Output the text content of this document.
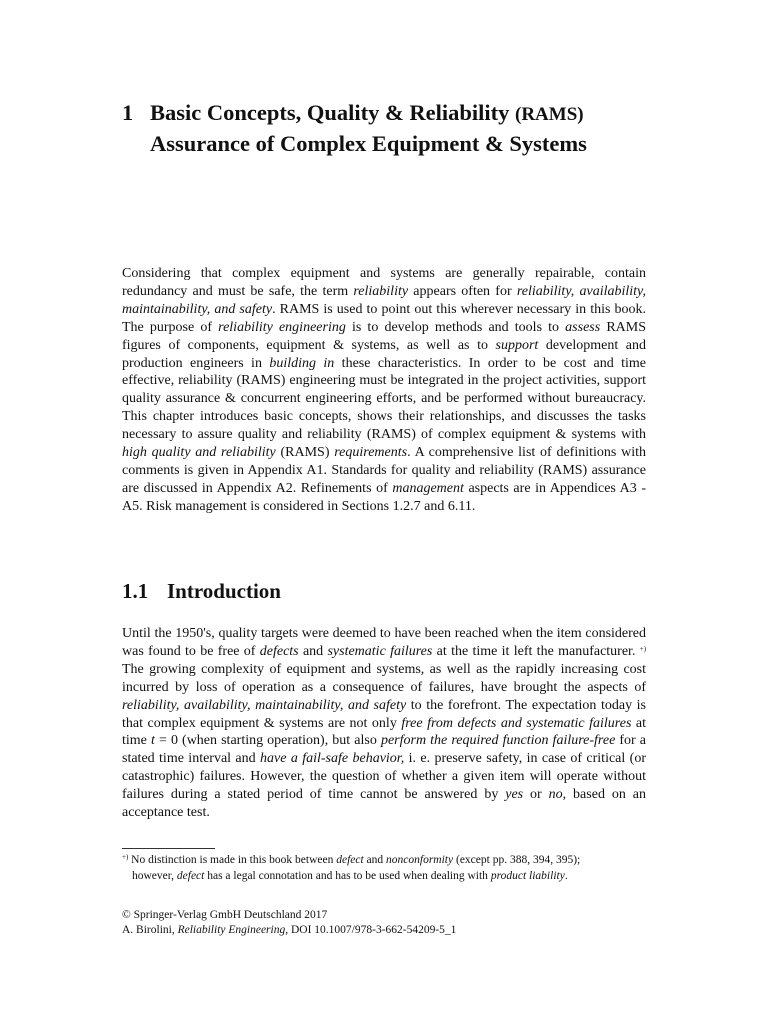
1 Basic Concepts, Quality & Reliability (RAMS)
Assurance of Complex Equipment & Systems

Considering that complex equipment and systems are generally repairable, contain redundancy and must be safe, the term reliability appears often for reliability, availability, maintainability, and safety. RAMS is used to point out this wherever necessary in this book. The purpose of reliability engineering is to develop methods and tools to assess RAMS figures of components, equipment & systems, as well as to support development and production engineers in building in these characteristics. In order to be cost and time effective, reliability (RAMS) engineering must be integrated in the project activities, support quality assurance & concurrent engineering efforts, and be performed without bureaucracy. This chapter introduces basic concepts, shows their relationships, and discusses the tasks necessary to assure quality and reliability (RAMS) of complex equipment & systems with high quality and reliability (RAMS) requirements. A comprehensive list of definitions with comments is given in Appendix A1. Standards for quality and reliability (RAMS) assurance are discussed in Appendix A2. Refinements of management aspects are in Appendices A3 - A5. Risk management is considered in Sections 1.2.7 and 6.11.

1.1 Introduction

Until the 1950's, quality targets were deemed to have been reached when the item considered was found to be free of defects and systematic failures at the time it left the manufacturer. +) The growing complexity of equipment and systems, as well as the rapidly increasing cost incurred by loss of operation as a consequence of failures, have brought the aspects of reliability, availability, maintainability, and safety to the forefront. The expectation today is that complex equipment & systems are not only free from defects and systematic failures at time t = 0 (when starting operation), but also perform the required function failure-free for a stated time interval and have a fail-safe behavior, i. e. preserve safety, in case of critical (or catastrophic) failures. However, the question of whether a given item will operate without failures during a stated period of time cannot be answered by yes or no, based on an acceptance test.

+) No distinction is made in this book between defect and nonconformity (except pp. 388, 394, 395);
however, defect has a legal connotation and has to be used when dealing with product liability.
© Springer-Verlag GmbH Deutschland 2017
A. Birolini, Reliability Engineering, DOI 10.1007/978-3-662-54209-5_1
